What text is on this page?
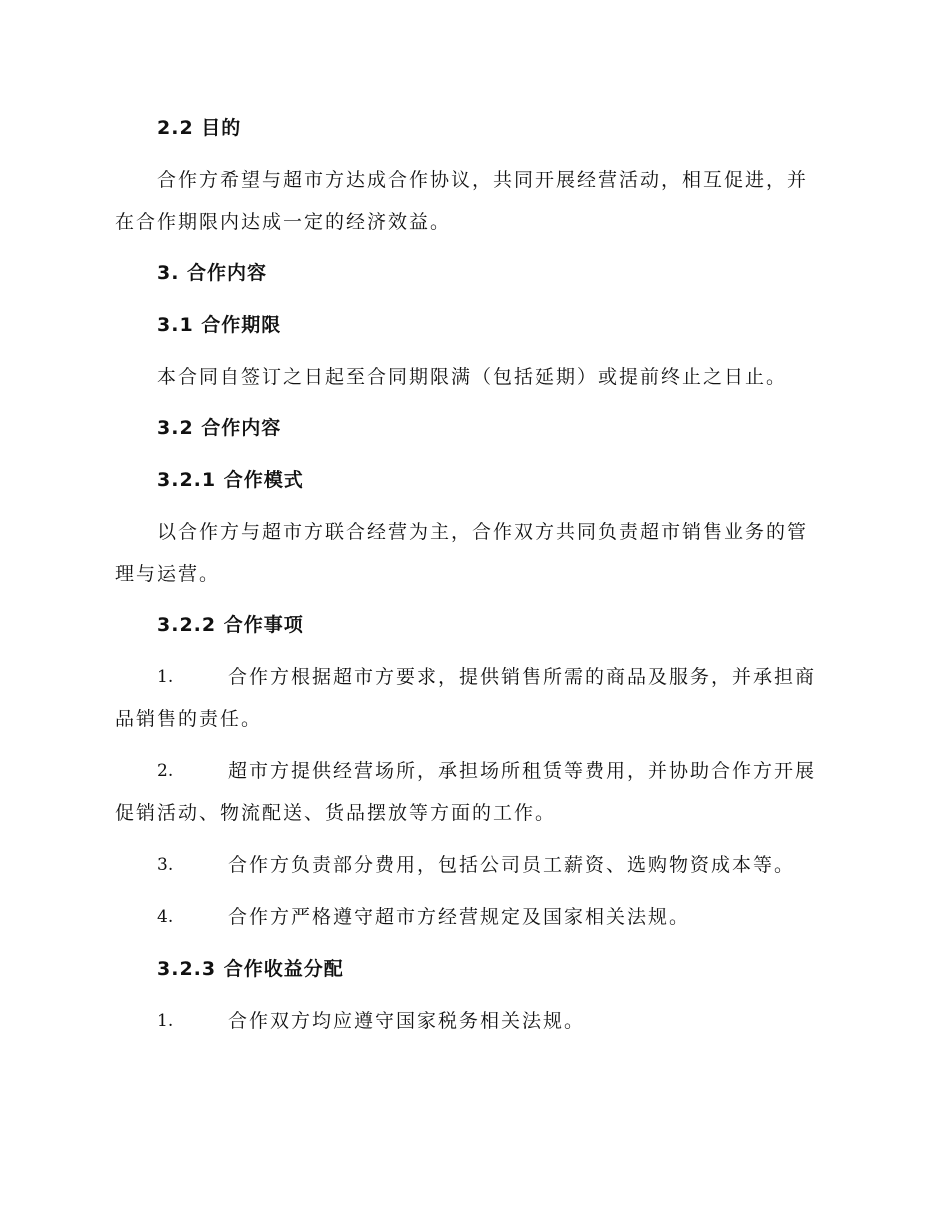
2.2 目的
合作方希望与超市方达成合作协议，共同开展经营活动，相互促进，并
在合作期限内达成一定的经济效益。
3. 合作内容
3.1 合作期限
本合同自签订之日起至合同期限满（包括延期）或提前终止之日止。
3.2 合作内容
3.2.1 合作模式
以合作方与超市方联合经营为主，合作双方共同负责超市销售业务的管
理与运营。
3.2.2 合作事项
1.	合作方根据超市方要求，提供销售所需的商品及服务，并承担商
品销售的责任。
2.	超市方提供经营场所，承担场所租赁等费用，并协助合作方开展
促销活动、物流配送、货品摆放等方面的工作。
3.	合作方负责部分费用，包括公司员工薪资、选购物资成本等。
4.	合作方严格遵守超市方经营规定及国家相关法规。
3.2.3 合作收益分配
1.	合作双方均应遵守国家税务相关法规。
